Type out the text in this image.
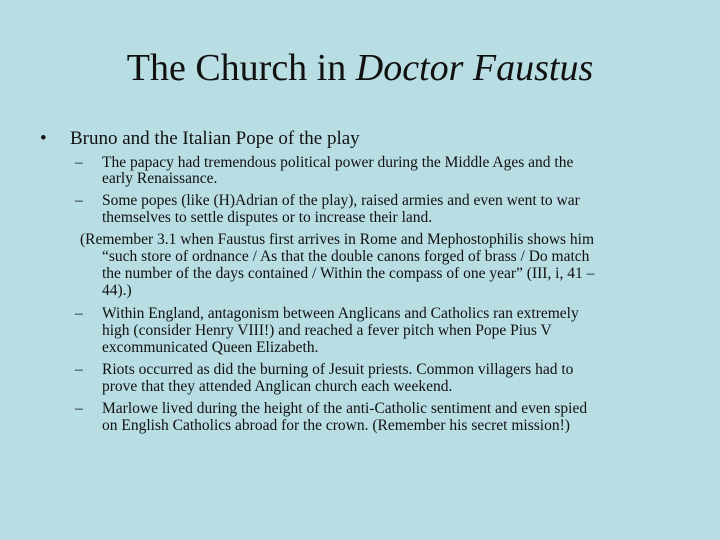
The Church in Doctor Faustus
• Bruno and the Italian Pope of the play
– The papacy had tremendous political power during the Middle Ages and the
early Renaissance.
– Some popes (like (H)Adrian of the play), raised armies and even went to war
themselves to settle disputes or to increase their land.
(Remember 3.1 when Faustus first arrives in Rome and Mephostophilis shows him
“such store of ordnance / As that the double canons forged of brass / Do match
the number of the days contained / Within the compass of one year” (III, i, 41 –
44).)
– Within England, antagonism between Anglicans and Catholics ran extremely
high (consider Henry VIII!) and reached a fever pitch when Pope Pius V
excommunicated Queen Elizabeth.
– Riots occurred as did the burning of Jesuit priests. Common villagers had to
prove that they attended Anglican church each weekend.
– Marlowe lived during the height of the anti-Catholic sentiment and even spied
on English Catholics abroad for the crown. (Remember his secret mission!)
